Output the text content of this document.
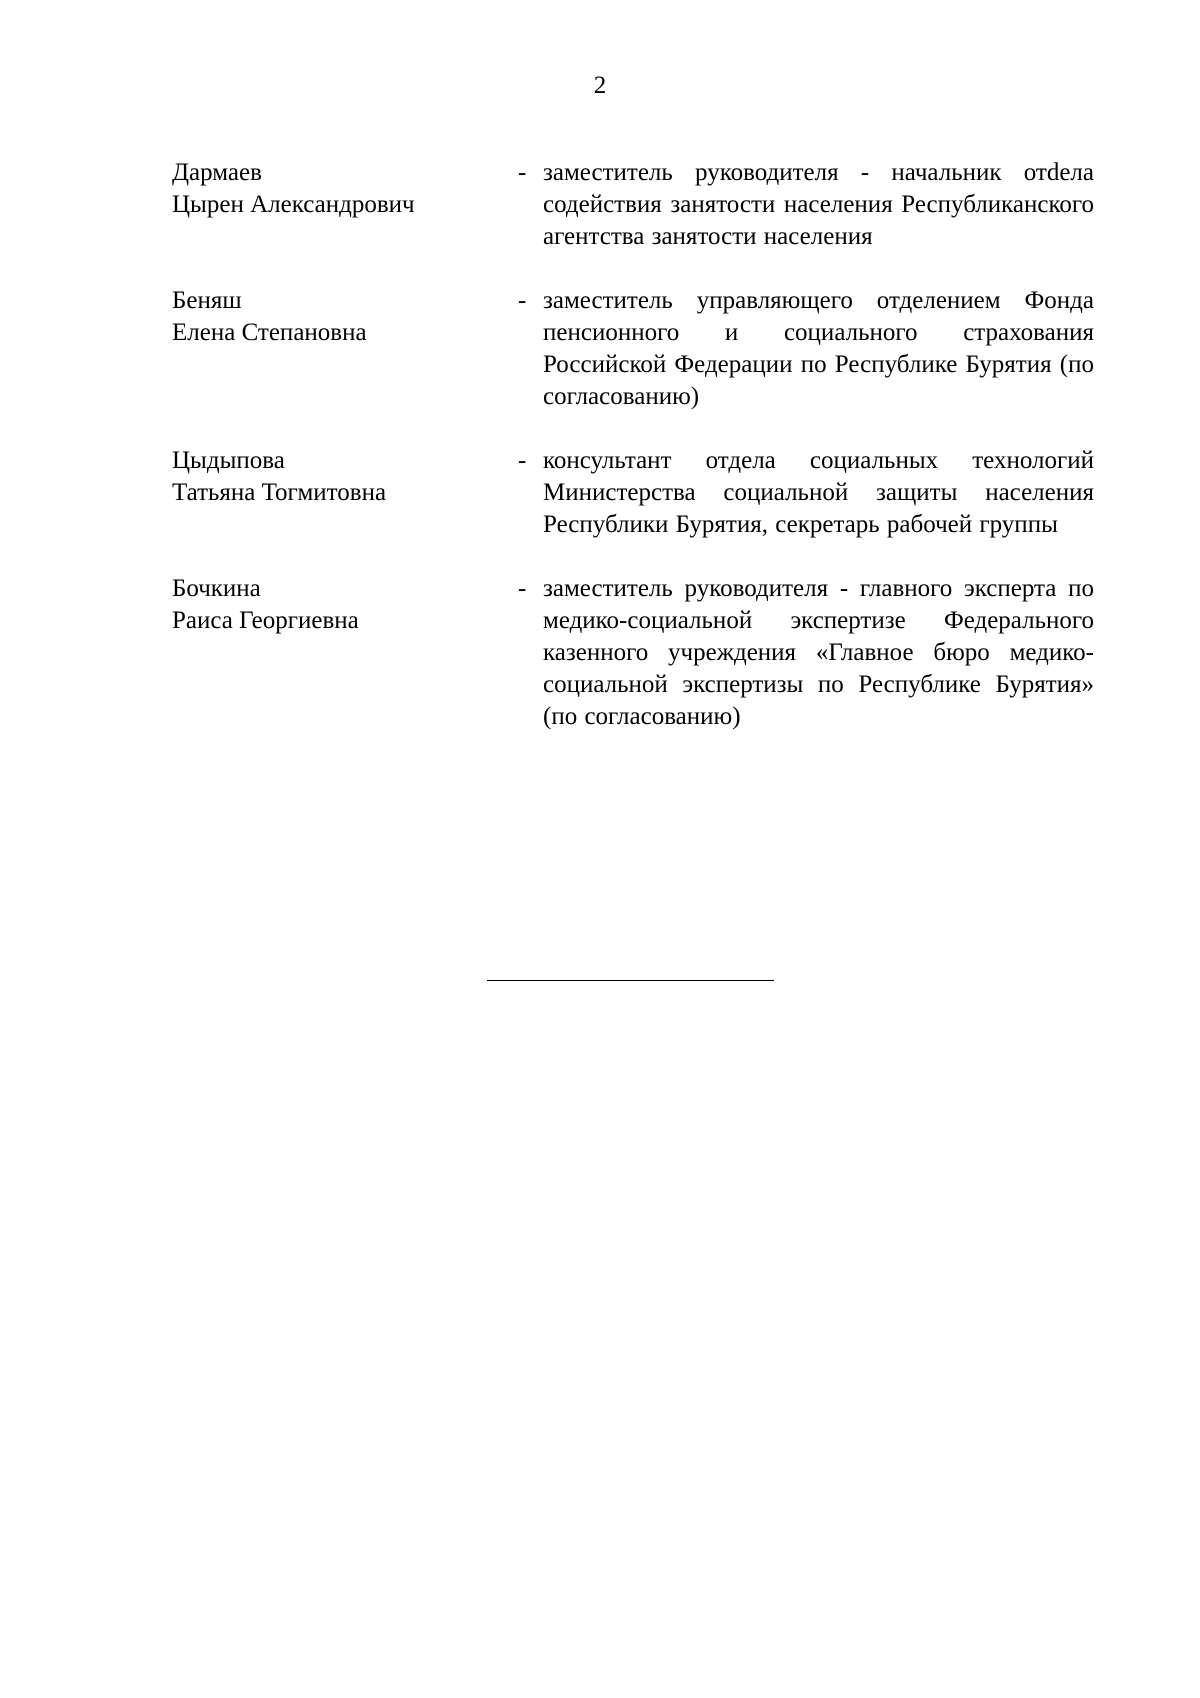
2
Дармаев
Цырен Александрович
- заместитель руководителя - начальник отdела содействия занятости населения Республиканского агентства занятости населения
Беняш
Елена Степановна
- заместитель управляющего отделением Фонда пенсионного и социального страхования Российской Федерации по Республике Бурятия (по согласованию)
Цыдыпова
Татьяна Тогмитовна
- консультант отдела социальных технологий Министерства социальной защиты населения Республики Бурятия, секретарь рабочей группы
Бочкина
Раиса Георгиевна
- заместитель руководителя - главного эксперта по медико-социальной экспертизе Федерального казенного учреждения «Главное бюро медико-социальной экспертизы по Республике Бурятия» (по согласованию)
